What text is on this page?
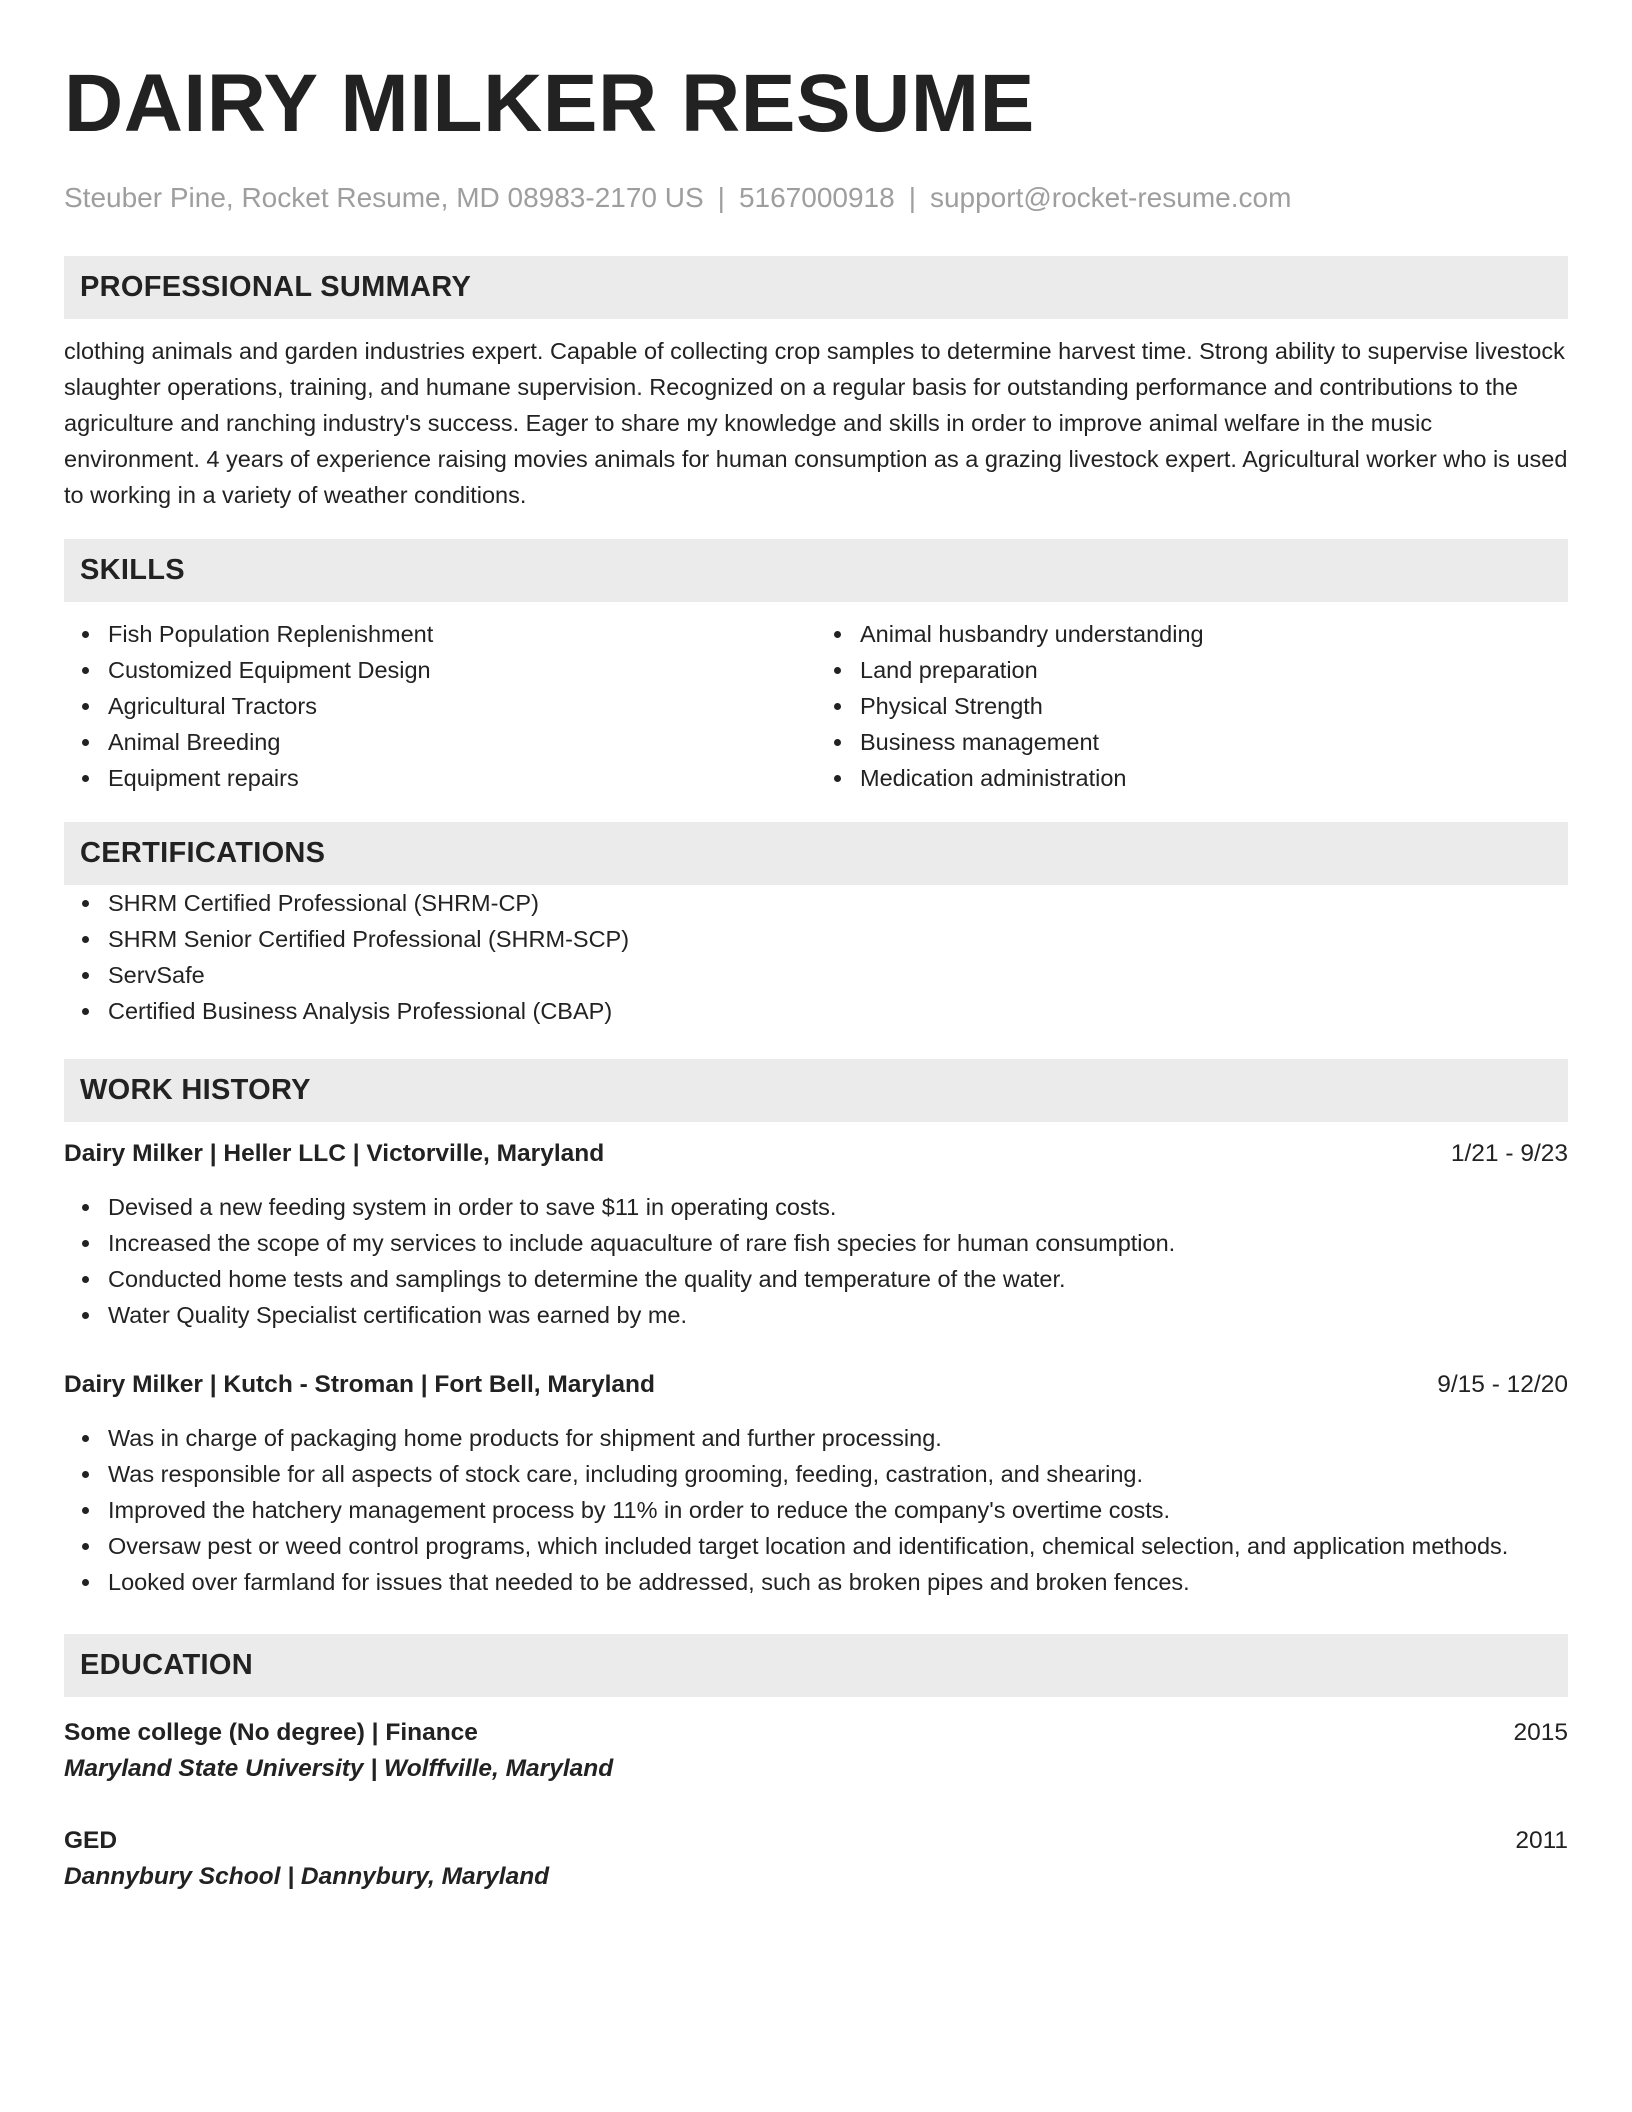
DAIRY MILKER RESUME
Steuber Pine, Rocket Resume, MD 08983-2170 US | 5167000918 | support@rocket-resume.com
PROFESSIONAL SUMMARY
clothing animals and garden industries expert. Capable of collecting crop samples to determine harvest time. Strong ability to supervise livestock slaughter operations, training, and humane supervision. Recognized on a regular basis for outstanding performance and contributions to the agriculture and ranching industry's success. Eager to share my knowledge and skills in order to improve animal welfare in the music environment. 4 years of experience raising movies animals for human consumption as a grazing livestock expert. Agricultural worker who is used to working in a variety of weather conditions.
SKILLS
Fish Population Replenishment
Customized Equipment Design
Agricultural Tractors
Animal Breeding
Equipment repairs
Animal husbandry understanding
Land preparation
Physical Strength
Business management
Medication administration
CERTIFICATIONS
SHRM Certified Professional (SHRM-CP)
SHRM Senior Certified Professional (SHRM-SCP)
ServSafe
Certified Business Analysis Professional (CBAP)
WORK HISTORY
Dairy Milker | Heller LLC | Victorville, Maryland	1/21 - 9/23
Devised a new feeding system in order to save $11 in operating costs.
Increased the scope of my services to include aquaculture of rare fish species for human consumption.
Conducted home tests and samplings to determine the quality and temperature of the water.
Water Quality Specialist certification was earned by me.
Dairy Milker | Kutch - Stroman | Fort Bell, Maryland	9/15 - 12/20
Was in charge of packaging home products for shipment and further processing.
Was responsible for all aspects of stock care, including grooming, feeding, castration, and shearing.
Improved the hatchery management process by 11% in order to reduce the company's overtime costs.
Oversaw pest or weed control programs, which included target location and identification, chemical selection, and application methods.
Looked over farmland for issues that needed to be addressed, such as broken pipes and broken fences.
EDUCATION
Some college (No degree) | Finance	2015
Maryland State University | Wolffville, Maryland
GED	2011
Dannybury School | Dannybury, Maryland
